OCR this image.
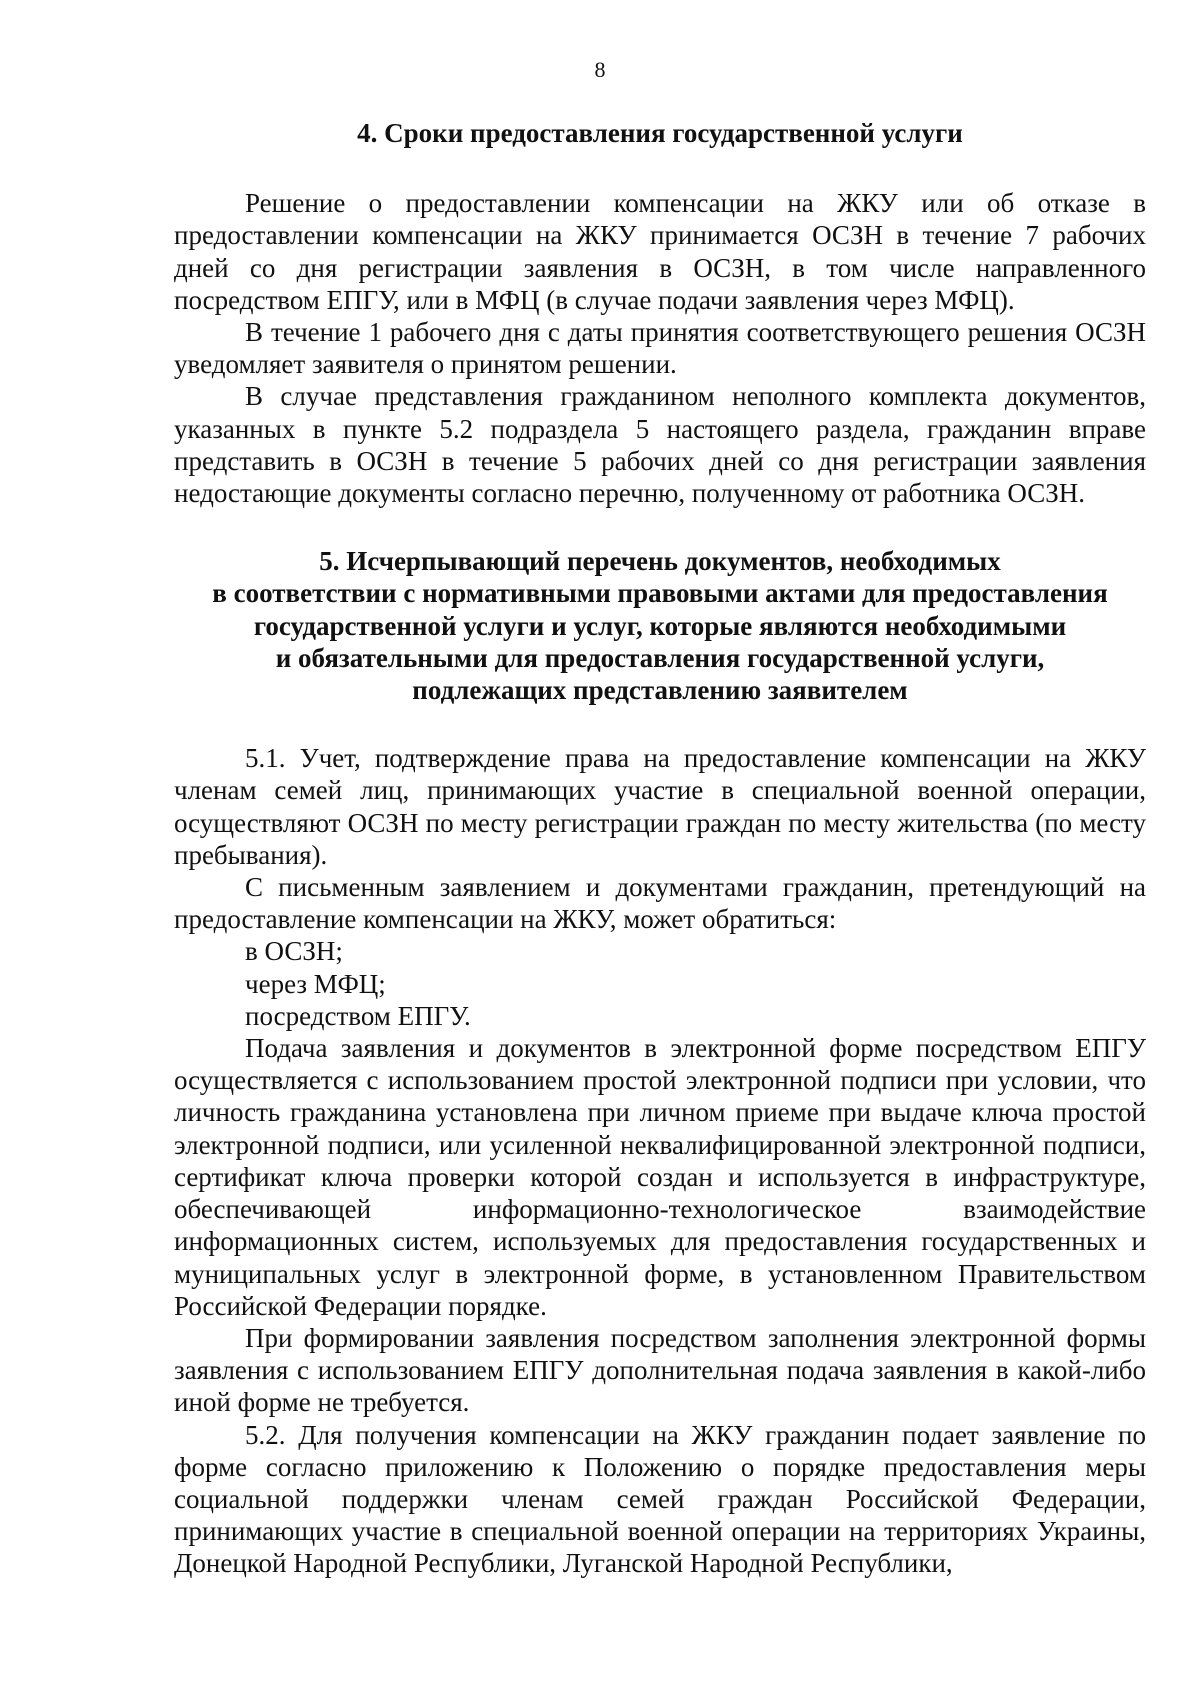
8
4. Сроки предоставления государственной услуги

Решение о предоставлении компенсации на ЖКУ или об отказе в предоставлении компенсации на ЖКУ принимается ОСЗН в течение 7 рабочих дней со дня регистрации заявления в ОСЗН, в том числе направленного посредством ЕПГУ, или в МФЦ (в случае подачи заявления через МФЦ).

В течение 1 рабочего дня с даты принятия соответствующего решения ОСЗН уведомляет заявителя о принятом решении.

В случае представления гражданином неполного комплекта документов, указанных в пункте 5.2 подраздела 5 настоящего раздела, гражданин вправе представить в ОСЗН в течение 5 рабочих дней со дня регистрации заявления недостающие документы согласно перечню, полученному от работника ОСЗН.

5. Исчерпывающий перечень документов, необходимых
в соответствии с нормативными правовыми актами для предоставления
государственной услуги и услуг, которые являются необходимыми
и обязательными для предоставления государственной услуги,
подлежащих представлению заявителем

5.1. Учет, подтверждение права на предоставление компенсации на ЖКУ членам семей лиц, принимающих участие в специальной военной операции, осуществляют ОСЗН по месту регистрации граждан по месту жительства (по месту пребывания).

С письменным заявлением и документами гражданин, претендующий на предоставление компенсации на ЖКУ, может обратиться:

в ОСЗН;

через МФЦ;

посредством ЕПГУ.

Подача заявления и документов в электронной форме посредством ЕПГУ осуществляется с использованием простой электронной подписи при условии, что личность гражданина установлена при личном приеме при выдаче ключа простой электронной подписи, или усиленной неквалифицированной электронной подписи, сертификат ключа проверки которой создан и используется в инфраструктуре, обеспечивающей информационно-технологическое взаимодействие информационных систем, используемых для предоставления государственных и муниципальных услуг в электронной форме, в установленном Правительством Российской Федерации порядке.

При формировании заявления посредством заполнения электронной формы заявления с использованием ЕПГУ дополнительная подача заявления в какой-либо иной форме не требуется.

5.2. Для получения компенсации на ЖКУ гражданин подает заявление по форме согласно приложению к Положению о порядке предоставления меры социальной поддержки членам семей граждан Российской Федерации, принимающих участие в специальной военной операции на территориях Украины, Донецкой Народной Республики, Луганской Народной Республики,
